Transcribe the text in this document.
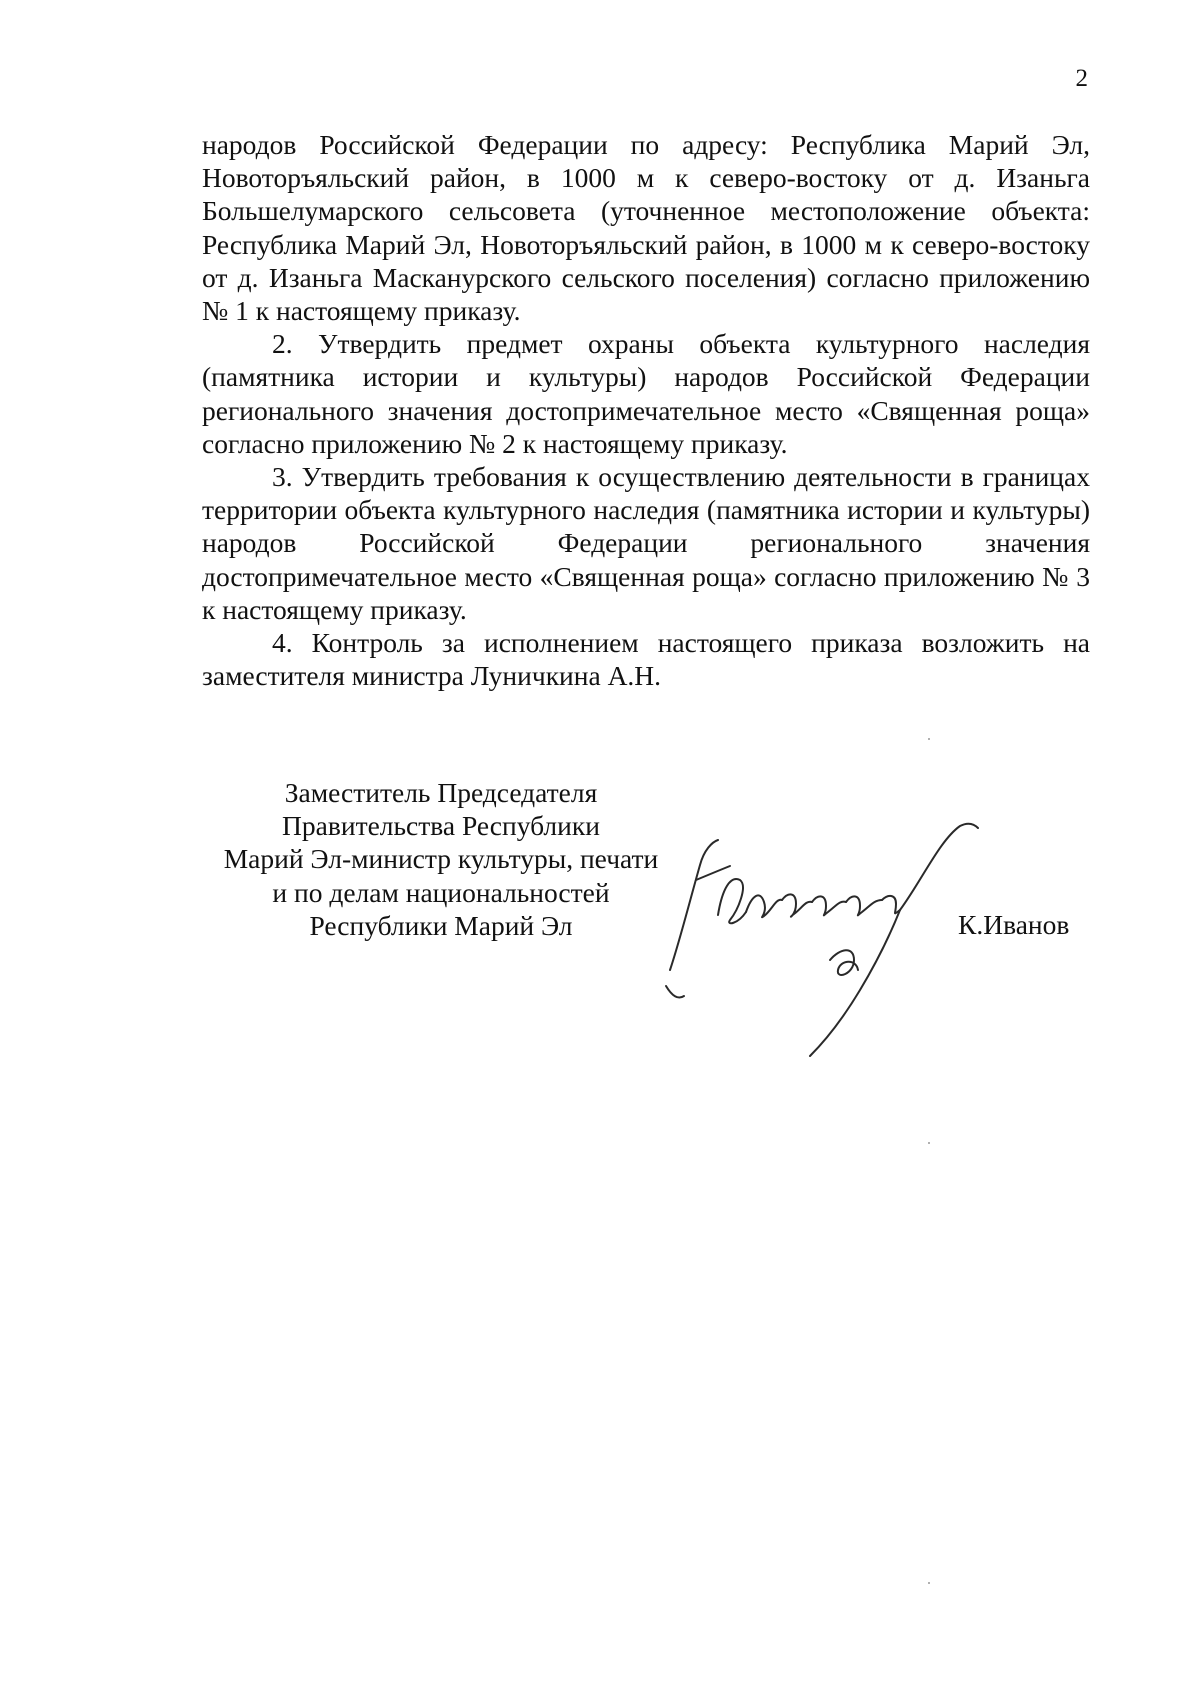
2

народов Российской Федерации по адресу: Республика Марий Эл, Новоторъяльский район, в 1000 м к северо-востоку от д. Изаньга Большелумарского сельсовета (уточненное местоположение объекта: Республика Марий Эл, Новоторъяльский район, в 1000 м к северо-востоку от д. Изаньга Масканурского сельского поселения) согласно приложению № 1 к настоящему приказу.

2. Утвердить предмет охраны объекта культурного наследия (памятника истории и культуры) народов Российской Федерации регионального значения достопримечательное место «Священная роща» согласно приложению № 2 к настоящему приказу.

3. Утвердить требования к осуществлению деятельности в границах территории объекта культурного наследия (памятника истории и культуры) народов Российской Федерации регионального значения достопримечательное место «Священная роща» согласно приложению № 3 к настоящему приказу.

4. Контроль за исполнением настоящего приказа возложить на заместителя министра Луничкина А.Н.

Заместитель Председателя
Правительства Республики
Марий Эл-министр культуры, печати
и по делам национальностей
Республики Марий Эл	К.Иванов
